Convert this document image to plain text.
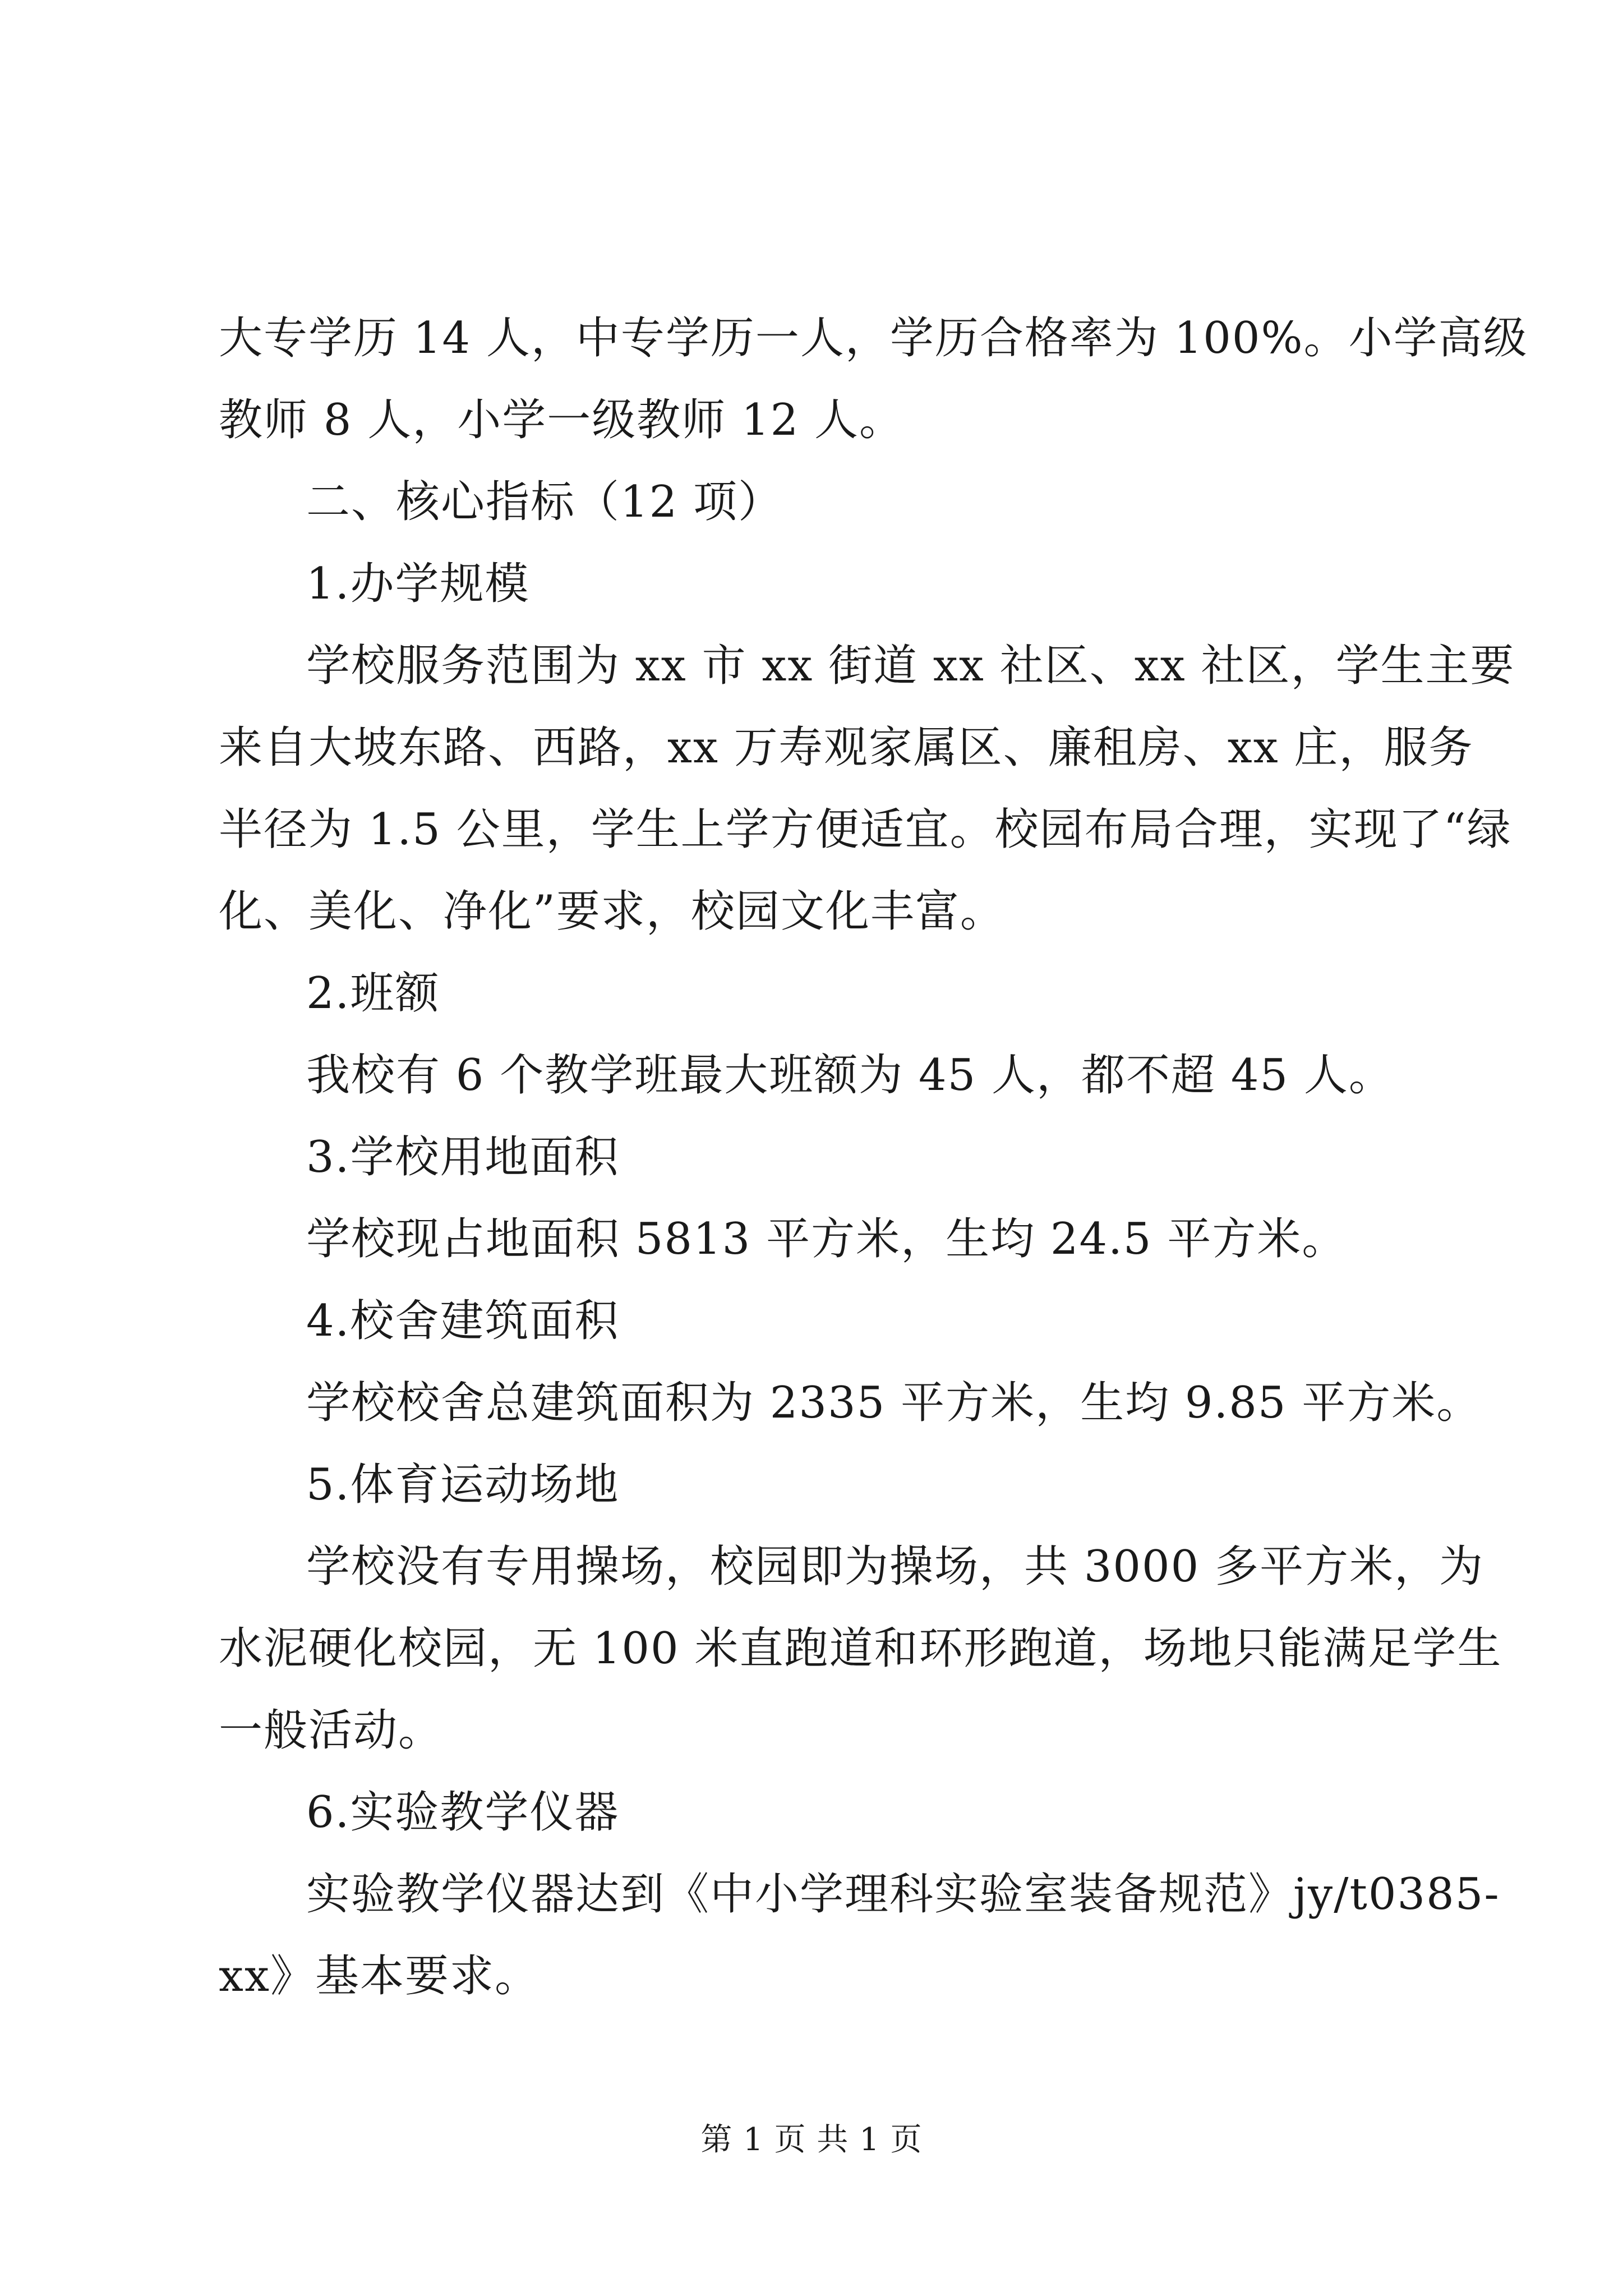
大专学历 14 人，中专学历一人，学历合格率为 100%。小学高级
教师 8 人，小学一级教师 12 人。
二、核心指标（12 项）
1.办学规模
学校服务范围为 xx 市 xx 街道 xx 社区、xx 社区，学生主要
来自大坡东路、西路，xx 万寿观家属区、廉租房、xx 庄，服务
半径为 1.5 公里，学生上学方便适宜。校园布局合理，实现了“绿
化、美化、净化”要求，校园文化丰富。
2.班额
我校有 6 个教学班最大班额为 45 人，都不超 45 人。
3.学校用地面积
学校现占地面积 5813 平方米，生均 24.5 平方米。
4.校舍建筑面积
学校校舍总建筑面积为 2335 平方米，生均 9.85 平方米。
5.体育运动场地
学校没有专用操场，校园即为操场，共 3000 多平方米，为
水泥硬化校园，无 100 米直跑道和环形跑道，场地只能满足学生
一般活动。
6.实验教学仪器
实验教学仪器达到《中小学理科实验室装备规范》jy/t0385-
xx》基本要求。
第 1 页 共 1 页
